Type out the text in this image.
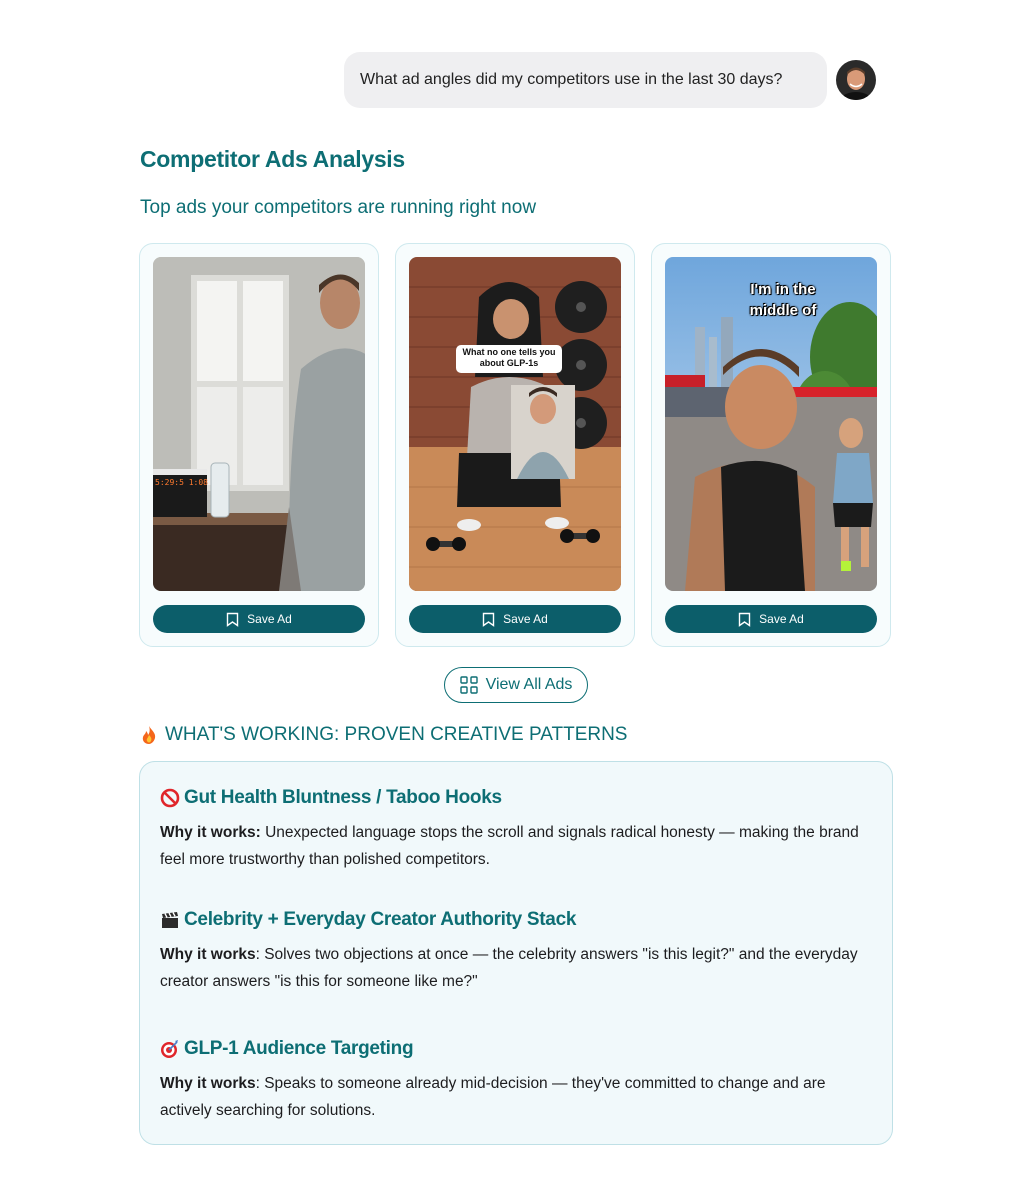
What ad angles did my competitors use in the last 30 days?
Competitor Ads Analysis
Top ads your competitors are running right now
5:29:5 1:08
Save Ad
What no one tells you about GLP-1s
Save Ad
I'm in the middle of
Save Ad
View All Ads
WHAT'S WORKING: PROVEN CREATIVE PATTERNS
Gut Health Bluntness / Taboo Hooks

Why it works: Unexpected language stops the scroll and signals radical honesty — making the brand feel more trustworthy than polished competitors.

Celebrity + Everyday Creator Authority Stack

Why it works: Solves two objections at once — the celebrity answers "is this legit?" and the everyday creator answers "is this for someone like me?"

GLP-1 Audience Targeting

Why it works: Speaks to someone already mid-decision — they've committed to change and are actively searching for solutions.
